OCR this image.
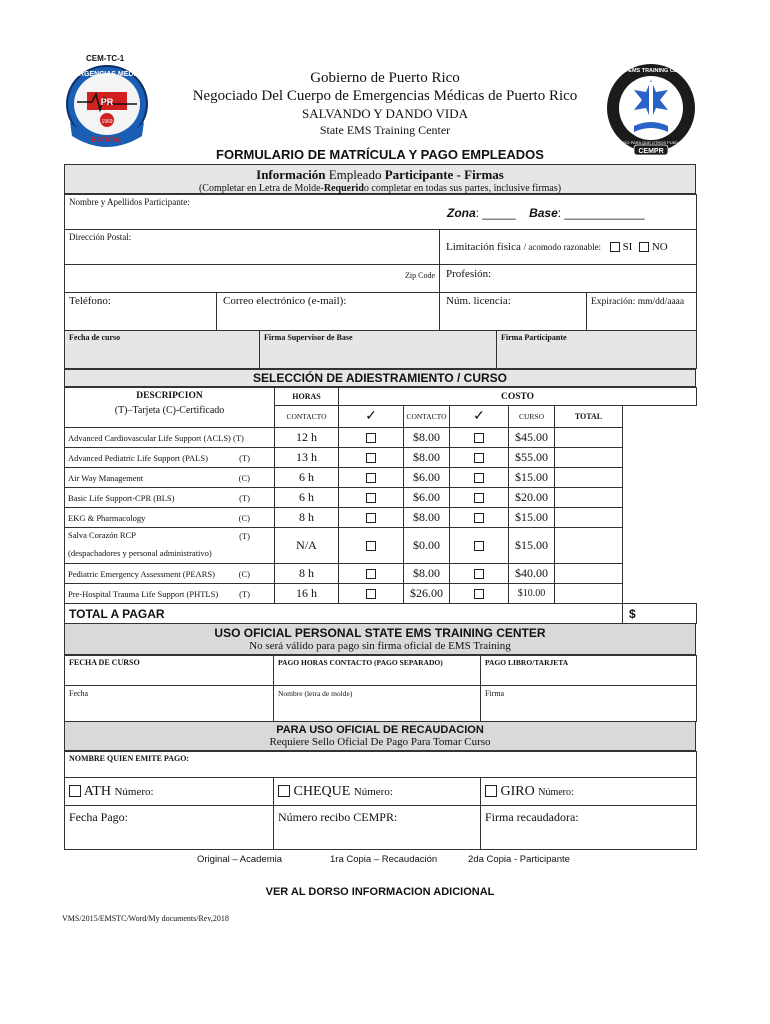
CEM-TC-1
EMERGENCIAS MÉDICAS
PR
1969
ESTATAL
Gobierno de Puerto Rico
Negociado Del Cuerpo de Emergencias Médicas de Puerto Rico
SALVANDO Y DANDO VIDA
State EMS Training Center
STATE EMS TRAINING CENTER
EDUCANDO PARA QUE OTROS PUEDAN VIVIR
CEMPR
FORMULARIO DE MATRÍCULA Y PAGO EMPLEADOS
Información Empleado Participante - Firmas
(Completar en Letra de Molde-Requerido completar en todas sus partes, inclusive firmas)
Nombre y Apellidos Participante:			

Dirección Postal:		Limitación física / acomodo razonable: SI NO	

Zip Code		Profesión:	

Teléfono:	Correo electrónico (e-mail):	Núm. licencia:	Expiración: mm/dd/aaaa
Fecha de curso	Firma Supervisor de Base	Firma Participante
Zona: _____ Base: ____________
SELECCIÓN DE ADIESTRAMIENTO / CURSO
DESCRIPCION
(T)–Tarjeta (C)-Certificado	HORAS	COSTO					
	CONTACTO	✓	CONTACTO	✓	CURSO	TOTAL	
Advanced Cardiovascular Life Support (ACLS) (T)	12 h		$8.00		$45.00		
Advanced Pediatric Life Support (PALS) (T)	13 h		$8.00		$55.00		
Air Way Management (C)	6 h		$6.00		$15.00		
Basic Life Support-CPR (BLS) (T)	6 h		$6.00		$20.00		
EKG & Pharmacology (C)	8 h		$8.00		$15.00		
Salva Corazón RCP (T)
(despachadores y personal administrativo)	N/A		$0.00		$15.00		
Pediatric Emergency Assessment (PEARS) (C)	8 h		$8.00		$40.00		
Pre-Hospital Trauma Life Support (PHTLS) (T)	16 h		$26.00		$10.00		
TOTAL A PAGAR							$
USO OFICIAL PERSONAL STATE EMS TRAINING CENTER
No será válido para pago sin firma oficial de EMS Training
FECHA DE CURSO	PAGO HORAS CONTACTO (PAGO SEPARADO)	PAGO LIBRO/TARJETA

Fecha	Nombre (letra de molde)	Firma
PARA USO OFICIAL DE RECAUDACION
Requiere Sello Oficial De Pago Para Tomar Curso
NOMBRE QUIEN EMITE PAGO:		

ATH Número:	CHEQUE Número:	GIRO Número:

Fecha Pago:	Número recibo CEMPR:	Firma recaudadora:
Original – Academia	1ra Copia – Recaudación	2da Copia - Participante
VER AL DORSO INFORMACION ADICIONAL
VMS/2015/EMSTC/Word/My documents/Rev,2018
